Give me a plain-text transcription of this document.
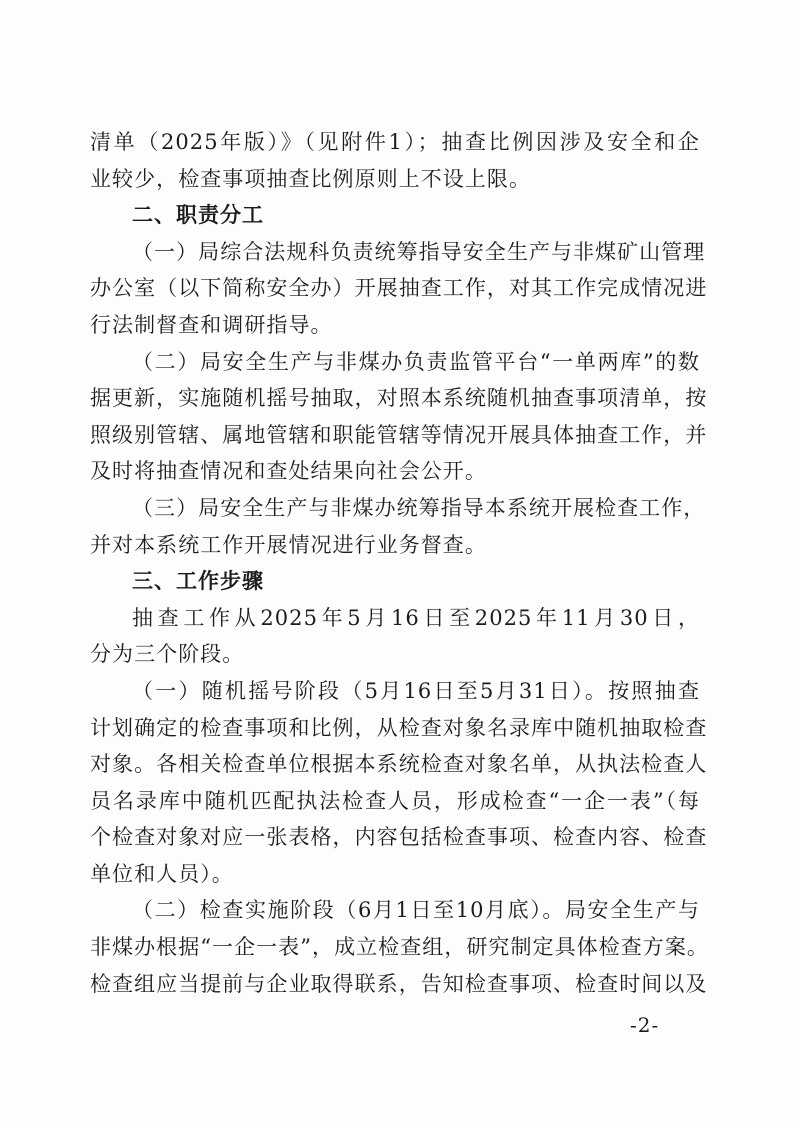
清单（2025年版）》（见附件1）；抽查比例因涉及安全和企
业较少，检查事项抽查比例原则上不设上限。
二、职责分工
（一）局综合法规科负责统筹指导安全生产与非煤矿山管理
办公室（以下简称安全办）开展抽查工作，对其工作完成情况进
行法制督查和调研指导。
（二）局安全生产与非煤办负责监管平台“一单两库”的数
据更新，实施随机摇号抽取，对照本系统随机抽查事项清单，按
照级别管辖、属地管辖和职能管辖等情况开展具体抽查工作，并
及时将抽查情况和查处结果向社会公开。
（三）局安全生产与非煤办统筹指导本系统开展检查工作，
并对本系统工作开展情况进行业务督查。
三、工作步骤
抽查工作从2025年5月16日至2025年11月30日，
分为三个阶段。
（一）随机摇号阶段（5月16日至5月31日）。按照抽查
计划确定的检查事项和比例，从检查对象名录库中随机抽取检查
对象。各相关检查单位根据本系统检查对象名单，从执法检查人
员名录库中随机匹配执法检查人员，形成检查“一企一表”（每
个检查对象对应一张表格，内容包括检查事项、检查内容、检查
单位和人员）。
（二）检查实施阶段（6月1日至10月底）。局安全生产与
非煤办根据“一企一表”，成立检查组，研究制定具体检查方案。
检查组应当提前与企业取得联系，告知检查事项、检查时间以及
-2-
